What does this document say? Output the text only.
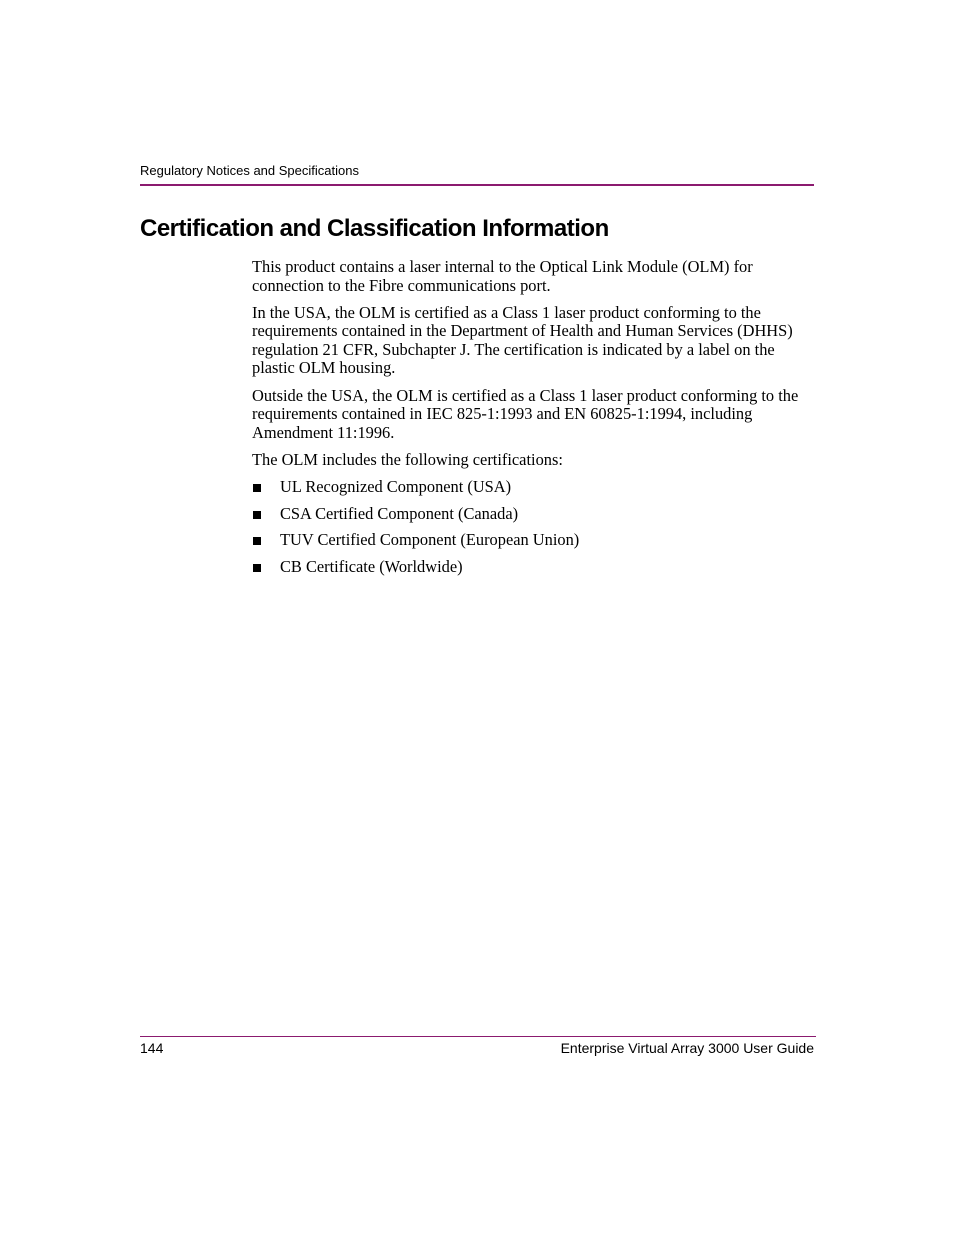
Regulatory Notices and Specifications
Certification and Classification Information

This product contains a laser internal to the Optical Link Module (OLM) for connection to the Fibre communications port.

In the USA, the OLM is certified as a Class 1 laser product conforming to the requirements contained in the Department of Health and Human Services (DHHS) regulation 21 CFR, Subchapter J. The certification is indicated by a label on the plastic OLM housing.

Outside the USA, the OLM is certified as a Class 1 laser product conforming to the requirements contained in IEC 825-1:1993 and EN 60825-1:1994, including Amendment 11:1996.

The OLM includes the following certifications:

UL Recognized Component (USA)
CSA Certified Component (Canada)
TUV Certified Component (European Union)
CB Certificate (Worldwide)
144	Enterprise Virtual Array 3000 User Guide
